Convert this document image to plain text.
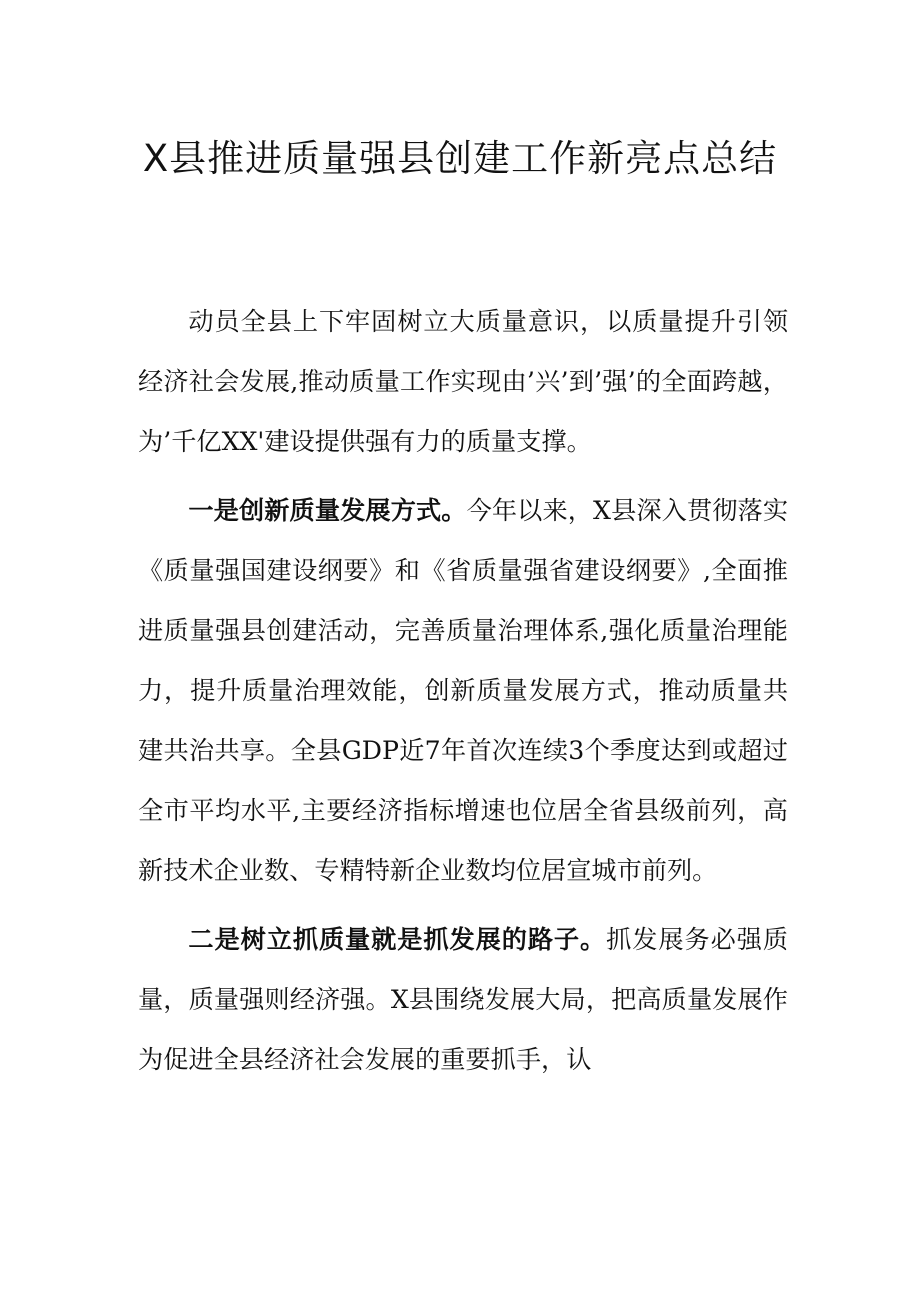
X县推进质量强县创建工作新亮点总结

动员全县上下牢固树立大质量意识，以质量提升引领经济社会发展,推动质量工作实现由’兴’到’强’的全面跨越，为’千亿XX'建设提供强有力的质量支撑。

一是创新质量发展方式。今年以来，X县深入贯彻落实《质量强国建设纲要》和《省质量强省建设纲要》,全面推进质量强县创建活动，完善质量治理体系,强化质量治理能力，提升质量治理效能，创新质量发展方式，推动质量共建共治共享。全县GDP近7年首次连续3个季度达到或超过全市平均水平,主要经济指标增速也位居全省县级前列，高新技术企业数、专精特新企业数均位居宣城市前列。

二是树立抓质量就是抓发展的路子。抓发展务必强质量，质量强则经济强。X县围绕发展大局，把高质量发展作为促进全县经济社会发展的重要抓手，认
